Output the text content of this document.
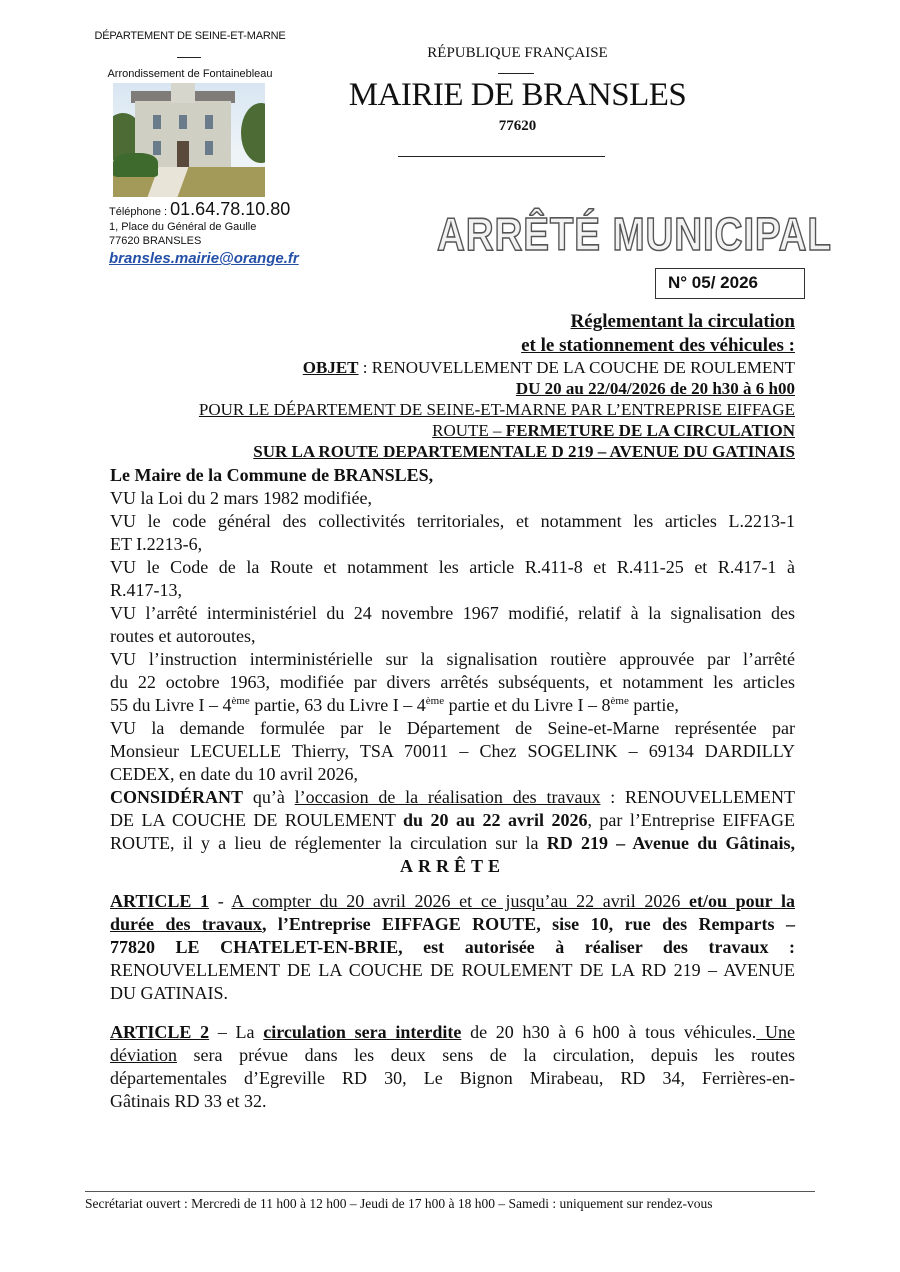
DÉPARTEMENT DE SEINE-ET-MARNE
Arrondissement de Fontainebleau
Téléphone : 01.64.78.10.80
1, Place du Général de Gaulle
77620 BRANSLES
bransles.mairie@orange.fr
RÉPUBLIQUE FRANÇAISE
MAIRIE DE BRANSLES
77620
ARRÊTÉ MUNICIPAL
N° 05/ 2026
Réglementant la circulation
et le stationnement des véhicules :
OBJET : RENOUVELLEMENT DE LA COUCHE DE ROULEMENT
DU 20 au 22/04/2026 de 20 h30 à 6 h00
POUR LE DÉPARTEMENT DE SEINE-ET-MARNE PAR L’ENTREPRISE EIFFAGE
ROUTE – FERMETURE DE LA CIRCULATION
SUR LA ROUTE DEPARTEMENTALE D 219 – AVENUE DU GATINAIS
Le Maire de la Commune de BRANSLES,
VU la Loi du 2 mars 1982 modifiée,
VU le code général des collectivités territoriales, et notamment les articles L.2213-1
ET I.2213-6,
VU le Code de la Route et notamment les article R.411-8 et R.411-25 et R.417-1 à
R.417-13,
VU l’arrêté interministériel du 24 novembre 1967 modifié, relatif à la signalisation des
routes et autoroutes,
VU l’instruction interministérielle sur la signalisation routière approuvée par l’arrêté
du 22 octobre 1963, modifiée par divers arrêtés subséquents, et notamment les articles
55 du Livre I – 4ème partie, 63 du Livre I – 4ème partie et du Livre I – 8ème partie,
VU la demande formulée par le Département de Seine-et-Marne représentée par
Monsieur LECUELLE Thierry, TSA 70011 – Chez SOGELINK – 69134 DARDILLY
CEDEX, en date du 10 avril 2026,
CONSIDÉRANT qu’à l’occasion de la réalisation des travaux : RENOUVELLEMENT
DE LA COUCHE DE ROULEMENT du 20 au 22 avril 2026, par l’Entreprise EIFFAGE
ROUTE, il y a lieu de réglementer la circulation sur la RD 219 – Avenue du Gâtinais,
ARRÊTE
ARTICLE 1 - A compter du 20 avril 2026 et ce jusqu’au 22 avril 2026 et/ou pour la
durée des travaux, l’Entreprise EIFFAGE ROUTE, sise 10, rue des Remparts –
77820 LE CHATELET-EN-BRIE, est autorisée à réaliser des travaux :
RENOUVELLEMENT DE LA COUCHE DE ROULEMENT DE LA RD 219 – AVENUE
DU GATINAIS.
ARTICLE 2 – La circulation sera interdite de 20 h30 à 6 h00 à tous véhicules. Une
déviation sera prévue dans les deux sens de la circulation, depuis les routes
départementales d’Egreville RD 30, Le Bignon Mirabeau, RD 34, Ferrières-en-
Gâtinais RD 33 et 32.
Secrétariat ouvert : Mercredi de 11 h00 à 12 h00 – Jeudi de 17 h00 à 18 h00 – Samedi : uniquement sur rendez-vous
